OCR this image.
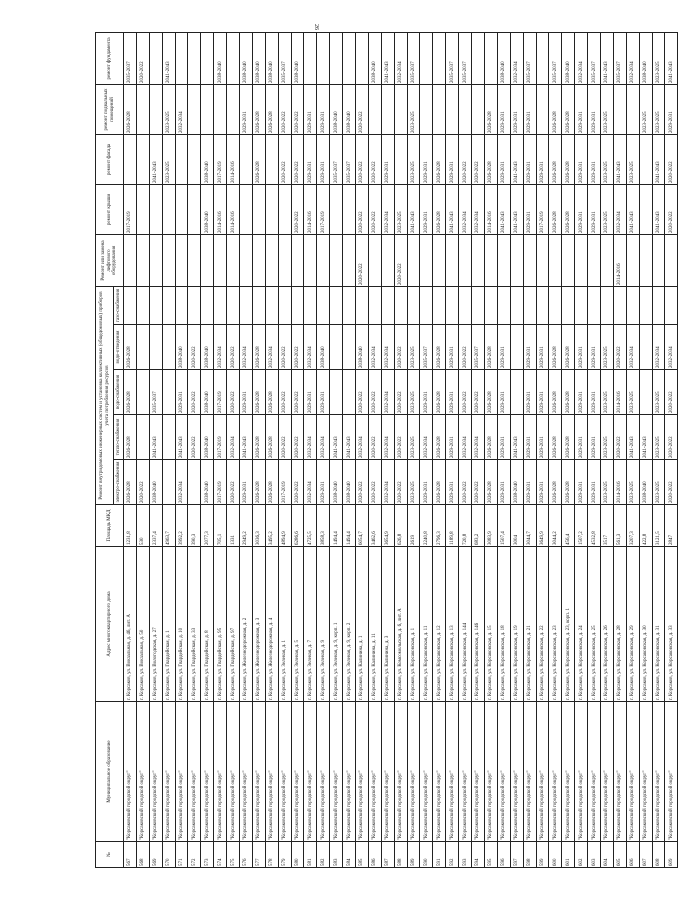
26
№	Муниципальное образование	Адрес многоквартирного дома	Площадь МКД	Ремонт внутридомовых инженерных систем и установка коллективных (общедомовых) приборов учета потребления ресурсов					Ремонт или замена лифтового оборудования	ремонт крыши	ремонт фасада	ремонт подвальных помещений	ремонт фундамента
				электро-снабжения	тепло-снабжения	водо-снабжения	водо-отведения	газо-снабжения					
567	"Корсаковский городской округ"	г. Корсаков, ул. Вокзальная, д. 46, лит. А	1231,8	2026-2028	2026-2028	2026-2028	2026-2028			2017-2019		2026-2028	2035-2037
568	"Корсаковский городской округ"	г. Корсаков, ул. Вокзальная, д. 50	530	2020-2022									2020-2022
569	"Корсаковский городской округ"	г. Корсаков, ул. Вологодская, д. 27	2337,4	2038-2040	2041-2043	2035-2037					2041-2043		
570	"Корсаковский городской округ"	г. Корсаков, ул. Гвардейская, д. 1	4963,7								2023-2025	2023-2025	2041-2043
571	"Корсаковский городской округ"	г. Корсаков, ул. Гвардейская, д. 10	3992,2	2032-2034	2041-2043	2029-2031	2038-2040					2032-2034	
572	"Корсаковский городской округ"	г. Корсаков, ул. Гвардейская, д. 33	390,3		2020-2022	2020-2022	2020-2022						
573	"Корсаковский городской округ"	г. Корсаков, ул. Гвардейская, д. 8	2077,3	2038-2040	2038-2040	2038-2040	2038-2040			2038-2040	2038-2040		
574	"Корсаковский городской округ"	г. Корсаков, ул. Гвардейская, д. 95	705,1	2017-2019	2017-2019	2017-2019	2032-2034			2014-2016	2017-2019		2038-2040
575	"Корсаковский городской округ"	г. Корсаков, ул. Гвардейская, д. 97	1331	2020-2022	2032-2034	2020-2022	2020-2022			2014-2016	2014-2016		
576	"Корсаковский городской округ"	г. Корсаков, ул. Железнодорожная, д. 2	2949,2	2029-2031	2041-2043	2029-2031	2032-2034					2029-2031	2038-2040
577	"Корсаковский городской округ"	г. Корсаков, ул. Железнодорожная, д. 3	3036,3	2026-2028	2026-2028	2026-2028	2026-2028				2026-2028	2026-2028	2038-2040
578	"Корсаковский городской округ"	г. Корсаков, ул. Железнодорожная, д. 4	3495,2	2026-2028	2026-2028	2026-2028	2032-2034					2026-2028	2038-2040
579	"Корсаковский городской округ"	г. Корсаков, ул. Зеленая, д. 1	4894,9	2017-2019	2020-2022	2020-2022	2020-2022				2020-2022	2020-2022	2035-2037
580	"Корсаковский городской округ"	г. Корсаков, ул. Зеленая, д. 5	6286,6	2020-2022	2020-2022	2020-2022	2020-2022			2020-2022	2020-2022	2020-2022	2038-2040
581	"Корсаковский городской округ"	г. Корсаков, ул. Зеленая, д. 7	4725,5	2032-2034	2032-2034	2029-2031	2032-2034			2014-2016	2029-2031	2029-2031	
582	"Корсаковский городской округ"	г. Корсаков, ул. Зеленая, д. 9	3858,3	2029-2031	2032-2034	2029-2031	2038-2040			2017-2019	2029-2031	2029-2031	
583	"Корсаковский городской округ"	г. Корсаков, ул. Зеленая, д. 9, корп. 1	1494,4	2038-2040	2041-2043						2035-2037	2038-2040	
584	"Корсаковский городской округ"	г. Корсаков, ул. Зеленая, д. 9, корп. 2	1494,4	2038-2040	2041-2043						2035-2037	2038-2040	
585	"Корсаковский городской округ"	г. Корсаков, ул. Калинина, д. 1	6054,7	2020-2022	2032-2034	2020-2022	2038-2040		2020-2022	2020-2022	2020-2022	2020-2022	
586	"Корсаковский городской округ"	г. Корсаков, ул. Калинина, д. 11	3462,6	2020-2022	2020-2022	2020-2022	2032-2034			2020-2022	2020-2022		2038-2040
587	"Корсаковский городской округ"	г. Корсаков, ул. Калинина, д. 3	3654,9	2032-2034	2032-2034	2032-2034	2032-2034			2032-2034	2029-2031		2041-2043
588	"Корсаковский городской округ"	г. Корсаков, ул. Комсомольская, д. 6, лит. А	626,8	2020-2022	2020-2022	2020-2022	2020-2022		2020-2022	2023-2025			2032-2034
589	"Корсаковский городской округ"	г. Корсаков, ул. Корсаковская, д. 1	2619	2023-2025	2023-2025	2023-2025	2023-2025			2041-2043	2023-2025	2023-2025	2035-2037
590	"Корсаковский городской округ"	г. Корсаков, ул. Корсаковская, д. 11	2240,8	2029-2031	2032-2034	2029-2031	2035-2037			2029-2031	2029-2031		
591	"Корсаковский городской округ"	г. Корсаков, ул. Корсаковская, д. 12	2796,3	2026-2028	2026-2028	2026-2028	2026-2028			2026-2028	2026-2028		
592	"Корсаковский городской округ"	г. Корсаков, ул. Корсаковская, д. 13	1189,8	2029-2031	2029-2031	2029-2031	2029-2031			2041-2043	2029-2031		2035-2037
593	"Корсаковский городской округ"	г. Корсаков, ул. Корсаковская, д. 144	720,8	2020-2022	2032-2034	2020-2022	2020-2022			2032-2034	2020-2022		2035-2037
594	"Корсаковский городской округ"	г. Корсаков, ул. Корсаковская, д. 146	683,2	2020-2022	2032-2034	2020-2022	2035-2037			2032-2034	2020-2022		
595	"Корсаковский городской округ"	г. Корсаков, ул. Корсаковская, д. 15	3083,9	2026-2028	2026-2028	2026-2028	2026-2028			2014-2016	2026-2028	2026-2028	
596	"Корсаковский городской округ"	г. Корсаков, ул. Корсаковская, д. 18	1507,4	2029-2031	2029-2031	2029-2031	2029-2031			2041-2043	2029-2031	2029-2031	2038-2040
597	"Корсаковский городской округ"	г. Корсаков, ул. Корсаковская, д. 19	3004	2038-2040	2041-2043					2041-2043	2041-2043	2029-2031	2032-2034
598	"Корсаковский городской округ"	г. Корсаков, ул. Корсаковская, д. 21	3044,7	2029-2031	2029-2031	2029-2031	2029-2031			2029-2031	2029-2031	2029-2031	2035-2037
599	"Корсаковский городской округ"	г. Корсаков, ул. Корсаковская, д. 22	3649,9	2029-2031	2029-2031	2029-2031	2029-2031			2017-2019	2029-2031		
600	"Корсаковский городской округ"	г. Корсаков, ул. Корсаковская, д. 23	3044,2	2026-2028	2026-2028	2026-2028	2026-2028			2026-2028	2026-2028	2026-2028	2035-2037
601	"Корсаковский городской округ"	г. Корсаков, ул. Корсаковская, д. 23, корп. 1	456,4	2026-2028	2026-2028	2026-2028	2026-2028			2026-2028	2026-2028	2026-2028	2038-2040
602	"Корсаковский городской округ"	г. Корсаков, ул. Корсаковская, д. 24	1507,2	2029-2031	2029-2031	2029-2031	2029-2031			2029-2031	2029-2031	2029-2031	2032-2034
603	"Корсаковский городской округ"	г. Корсаков, ул. Корсаковская, д. 25	4532,8	2029-2031	2029-2031	2029-2031	2029-2031			2029-2031	2029-2031	2029-2031	2035-2037
604	"Корсаковский городской округ"	г. Корсаков, ул. Корсаковская, д. 26	3517	2023-2025	2023-2025	2023-2025	2023-2025			2023-2025	2023-2025	2023-2025	2041-2043
605	"Корсаковский городской округ"	г. Корсаков, ул. Корсаковская, д. 28	561,3	2014-2016	2020-2022	2014-2016	2020-2022		2014-2016	2032-2034	2041-2043		2035-2037
606	"Корсаковский городской округ"	г. Корсаков, ул. Корсаковская, д. 29	3207,3	2023-2025	2041-2043	2023-2025	2032-2034			2041-2043	2023-2025		2032-2034
607	"Корсаковский городской округ"	г. Корсаков, ул. Корсаковская, д. 30	422,8	2038-2040	2041-2043							2023-2025	2038-2040
608	"Корсаковский городской округ"	г. Корсаков, ул. Корсаковская, д. 31	3121,5	2023-2025	2023-2025	2023-2025	2032-2034			2041-2043	2041-2043	2023-2025	2023-2025
609	"Корсаковский городской округ"	г. Корсаков, ул. Корсаковская, д. 33	2847	2020-2022	2020-2022	2020-2022	2032-2034			2020-2022	2020-2022	2029-2031	2041-2043
